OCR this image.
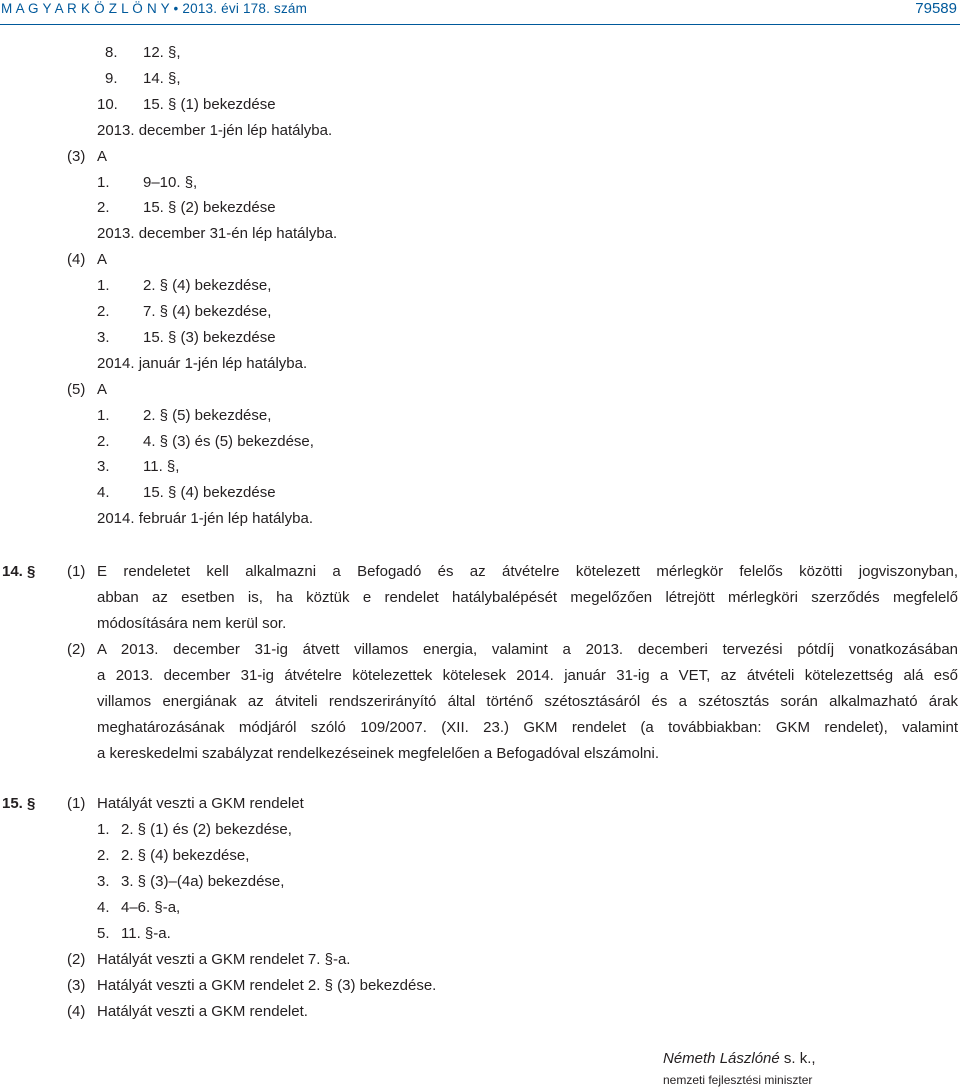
M A G Y A R K Ö Z L Ö N Y • 2013. évi 178. szám	79589
8. 12. §,
9. 14. §,
10. 15. § (1) bekezdése
2013. december 1-jén lép hatályba.
(3) A
1. 9–10. §,
2. 15. § (2) bekezdése
2013. december 31-én lép hatályba.
(4) A
1. 2. § (4) bekezdése,
2. 7. § (4) bekezdése,
3. 15. § (3) bekezdése
2014. január 1-jén lép hatályba.
(5) A
1. 2. § (5) bekezdése,
2. 4. § (3) és (5) bekezdése,
3. 11. §,
4. 15. § (4) bekezdése
2014. február 1-jén lép hatályba.
14. § (1) E rendeletet kell alkalmazni a Befogadó és az átvételre kötelezett mérlegkör felelős közötti jogviszonyban,
abban az esetben is, ha köztük e rendelet hatálybalépését megelőzően létrejött mérlegköri szerződés megfelelő
módosítására nem kerül sor.
(2) A 2013. december 31-ig átvett villamos energia, valamint a 2013. decemberi tervezési pótdíj vonatkozásában
a 2013. december 31-ig átvételre kötelezettek kötelesek 2014. január 31-ig a VET, az átvételi kötelezettség alá eső
villamos energiának az átviteli rendszerirányító által történő szétosztásáról és a szétosztás során alkalmazható árak
meghatározásának módjáról szóló 109/2007. (XII. 23.) GKM rendelet (a továbbiakban: GKM rendelet), valamint
a kereskedelmi szabályzat rendelkezéseinek megfelelően a Befogadóval elszámolni.
15. § (1) Hatályát veszti a GKM rendelet
1. 2. § (1) és (2) bekezdése,
2. 2. § (4) bekezdése,
3. 3. § (3)–(4a) bekezdése,
4. 4–6. §-a,
5. 11. §-a.
(2) Hatályát veszti a GKM rendelet 7. §-a.
(3) Hatályát veszti a GKM rendelet 2. § (3) bekezdése.
(4) Hatályát veszti a GKM rendelet.
Németh Lászlóné s. k.,
nemzeti fejlesztési miniszter
